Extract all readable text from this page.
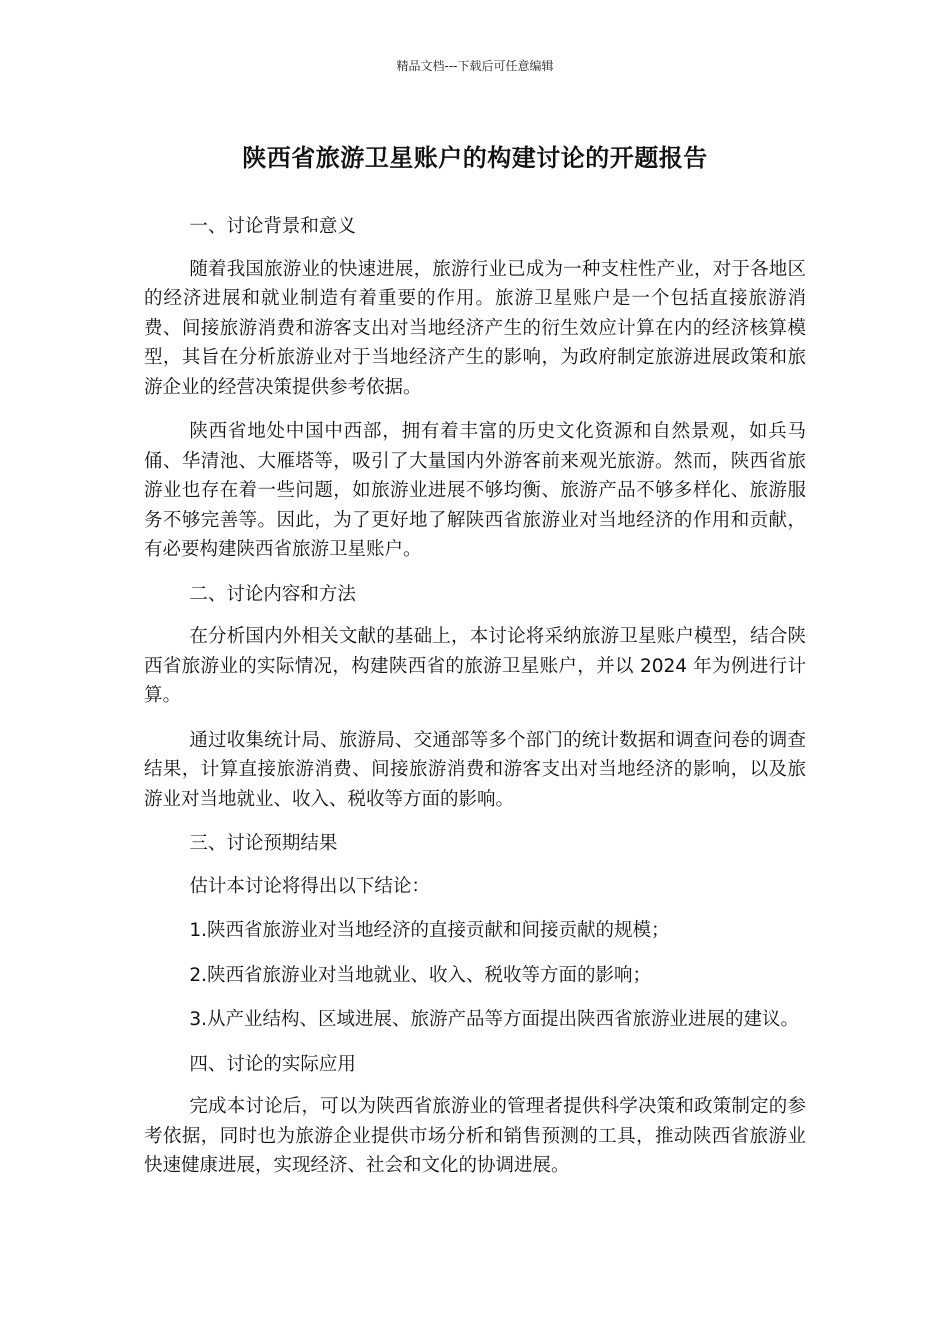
精品文档---下载后可任意编辑
陕西省旅游卫星账户的构建讨论的开题报告

一、讨论背景和意义

随着我国旅游业的快速进展，旅游行业已成为一种支柱性产业，对于各地区的经济进展和就业制造有着重要的作用。旅游卫星账户是一个包括直接旅游消费、间接旅游消费和游客支出对当地经济产生的衍生效应计算在内的经济核算模型，其旨在分析旅游业对于当地经济产生的影响，为政府制定旅游进展政策和旅游企业的经营决策提供参考依据。

陕西省地处中国中西部，拥有着丰富的历史文化资源和自然景观，如兵马俑、华清池、大雁塔等，吸引了大量国内外游客前来观光旅游。然而，陕西省旅游业也存在着一些问题，如旅游业进展不够均衡、旅游产品不够多样化、旅游服务不够完善等。因此，为了更好地了解陕西省旅游业对当地经济的作用和贡献，有必要构建陕西省旅游卫星账户。

二、讨论内容和方法

在分析国内外相关文献的基础上，本讨论将采纳旅游卫星账户模型，结合陕西省旅游业的实际情况，构建陕西省的旅游卫星账户，并以 2024 年为例进行计算。

通过收集统计局、旅游局、交通部等多个部门的统计数据和调查问卷的调查结果，计算直接旅游消费、间接旅游消费和游客支出对当地经济的影响，以及旅游业对当地就业、收入、税收等方面的影响。

三、讨论预期结果

估计本讨论将得出以下结论：

1.陕西省旅游业对当地经济的直接贡献和间接贡献的规模；

2.陕西省旅游业对当地就业、收入、税收等方面的影响；

3.从产业结构、区域进展、旅游产品等方面提出陕西省旅游业进展的建议。

四、讨论的实际应用

完成本讨论后，可以为陕西省旅游业的管理者提供科学决策和政策制定的参考依据，同时也为旅游企业提供市场分析和销售预测的工具，推动陕西省旅游业快速健康进展，实现经济、社会和文化的协调进展。
